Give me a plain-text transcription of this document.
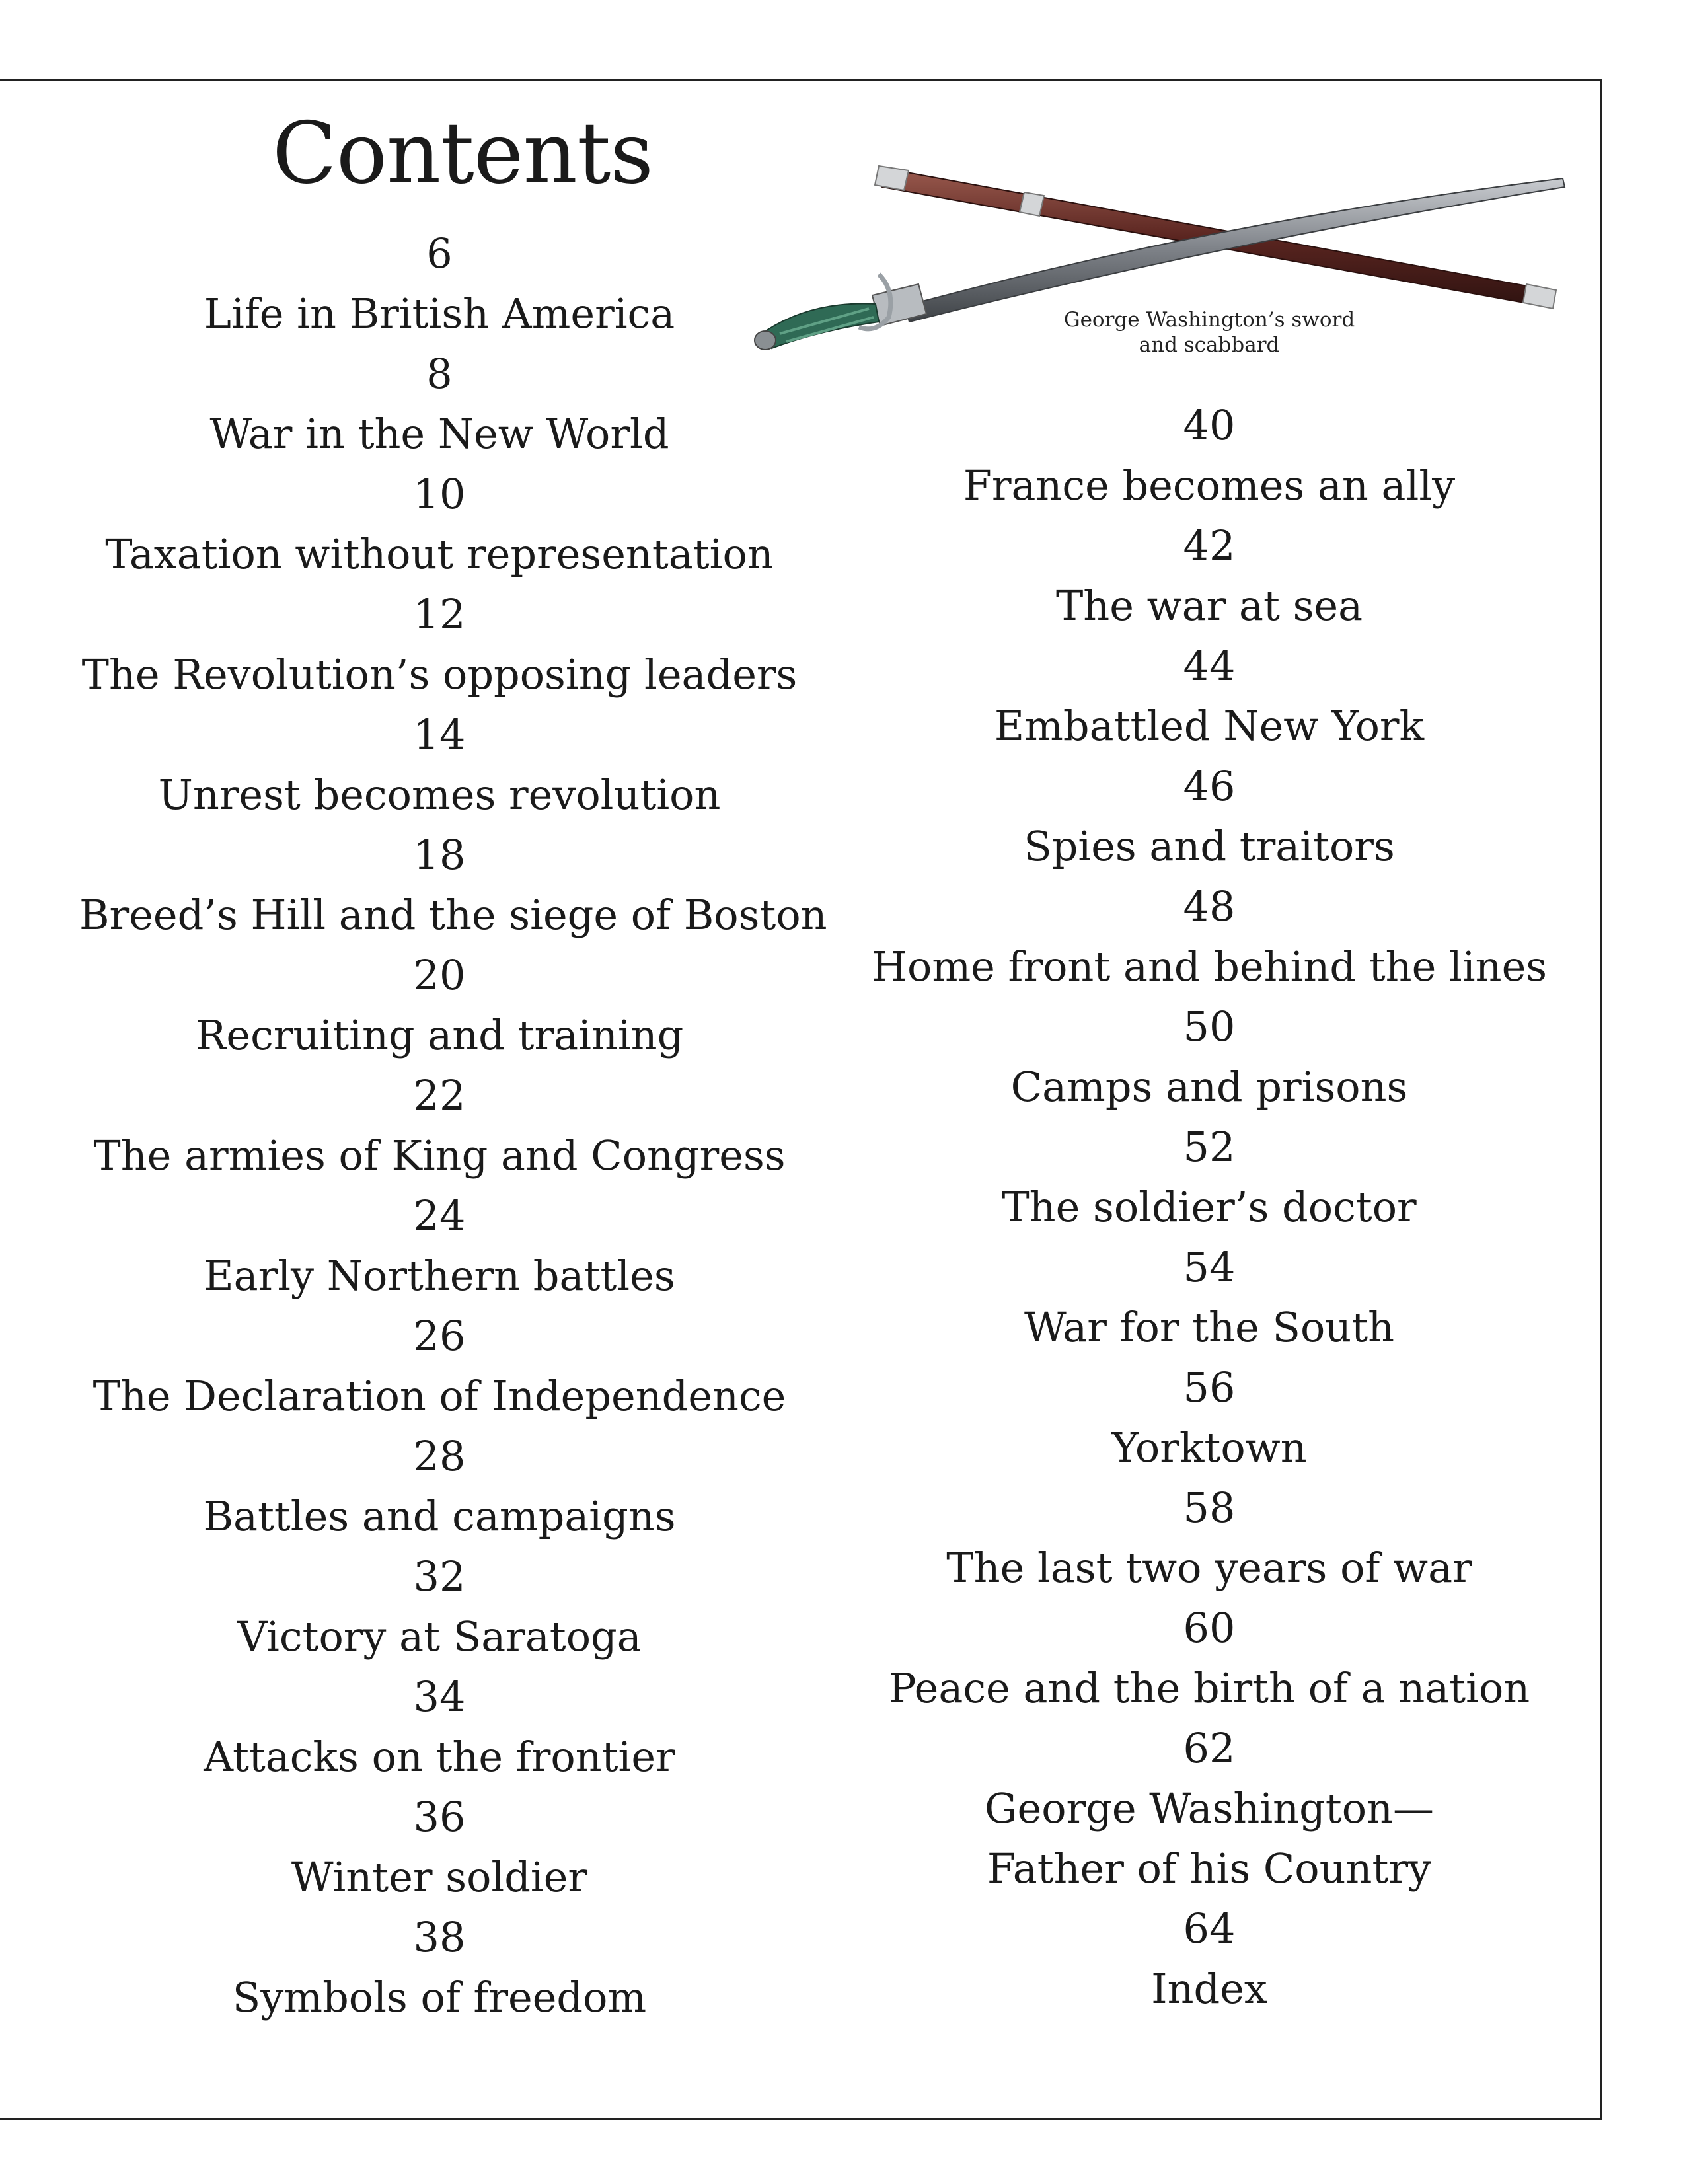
Contents
6
Life in British America
8
War in the New World
10
Taxation without representation
12
The Revolution’s opposing leaders
14
Unrest becomes revolution
18
Breed’s Hill and the siege of Boston
20
Recruiting and training
22
The armies of King and Congress
24
Early Northern battles
26
The Declaration of Independence
28
Battles and campaigns
32
Victory at Saratoga
34
Attacks on the frontier
36
Winter soldier
38
Symbols of freedom
40
France becomes an ally
42
The war at sea
44
Embattled New York
46
Spies and traitors
48
Home front and behind the lines
50
Camps and prisons
52
The soldier’s doctor
54
War for the South
56
Yorktown
58
The last two years of war
60
Peace and the birth of a nation
62
George Washington—
Father of his Country
64
Index
George Washington’s sword
and scabbard
